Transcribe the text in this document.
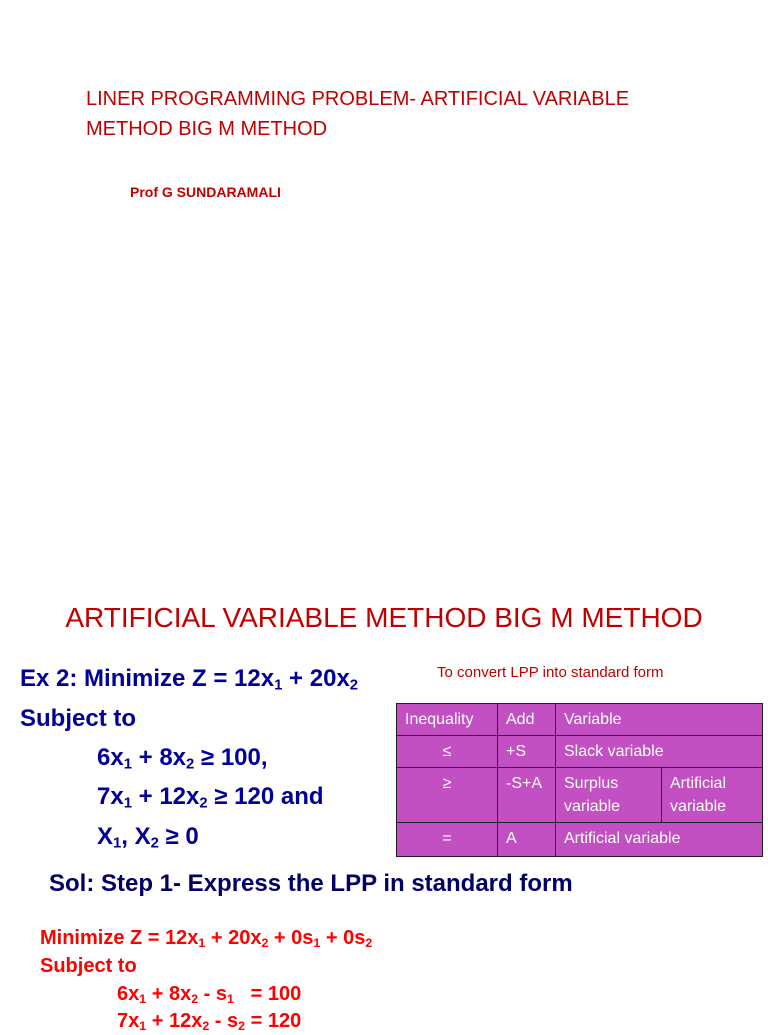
LINER PROGRAMMING PROBLEM- ARTIFICIAL VARIABLE METHOD BIG M METHOD
Prof G SUNDARAMALI
ARTIFICIAL VARIABLE METHOD BIG M METHOD
Ex 2: Minimize $Z = 12x_1 + 20x_2$
Subject to
$6x_1 + 8x_2 \ge 100$,
$7x_1 + 12x_2 \ge 120$ and
$X_1$, $X_2 \ge 0$
To convert LPP into standard form
Inequality	Add	Variable	
≤	+S	Slack variable	
≥	-S+A	Surplus variable	Artificial variable
=	A	Artificial variable	
Sol: Step 1- Express the LPP in standard form
Minimize $Z = 12x_1 + 20x_2 + 0s_1 + 0s_2$
Subject to
$6x_1 + 8x_2 - s_1 = 100$
$7x_1 + 12x_2 - s_2 = 120$
